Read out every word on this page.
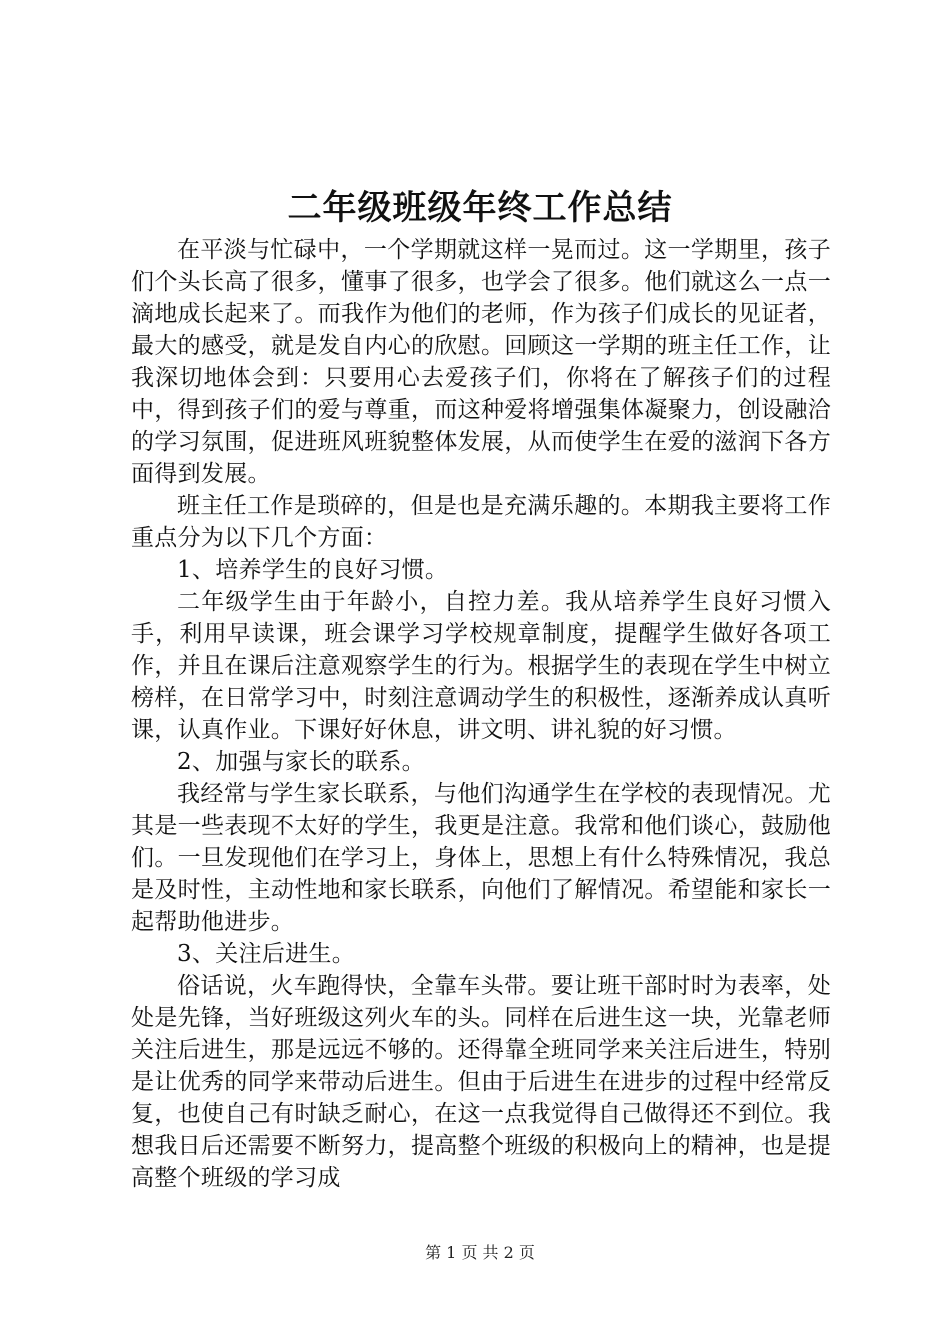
二年级班级年终工作总结

在平淡与忙碌中，一个学期就这样一晃而过。这一学期里，孩子们个头长高了很多，懂事了很多，也学会了很多。他们就这么一点一滴地成长起来了。而我作为他们的老师，作为孩子们成长的见证者，最大的感受，就是发自内心的欣慰。回顾这一学期的班主任工作，让我深切地体会到：只要用心去爱孩子们，你将在了解孩子们的过程中，得到孩子们的爱与尊重，而这种爱将增强集体凝聚力，创设融洽的学习氛围，促进班风班貌整体发展，从而使学生在爱的滋润下各方面得到发展。

班主任工作是琐碎的，但是也是充满乐趣的。本期我主要将工作重点分为以下几个方面：

1、培养学生的良好习惯。

二年级学生由于年龄小，自控力差。我从培养学生良好习惯入手，利用早读课，班会课学习学校规章制度，提醒学生做好各项工作，并且在课后注意观察学生的行为。根据学生的表现在学生中树立榜样，在日常学习中，时刻注意调动学生的积极性，逐渐养成认真听课，认真作业。下课好好休息，讲文明、讲礼貌的好习惯。

2、加强与家长的联系。

我经常与学生家长联系，与他们沟通学生在学校的表现情况。尤其是一些表现不太好的学生，我更是注意。我常和他们谈心，鼓励他们。一旦发现他们在学习上，身体上，思想上有什么特殊情况，我总是及时性，主动性地和家长联系，向他们了解情况。希望能和家长一起帮助他进步。

3、关注后进生。

俗话说，火车跑得快，全靠车头带。要让班干部时时为表率，处处是先锋，当好班级这列火车的头。同样在后进生这一块，光靠老师关注后进生，那是远远不够的。还得靠全班同学来关注后进生，特别是让优秀的同学来带动后进生。但由于后进生在进步的过程中经常反复，也使自己有时缺乏耐心，在这一点我觉得自己做得还不到位。我想我日后还需要不断努力，提高整个班级的积极向上的精神，也是提高整个班级的学习成

第 1 页 共 2 页
